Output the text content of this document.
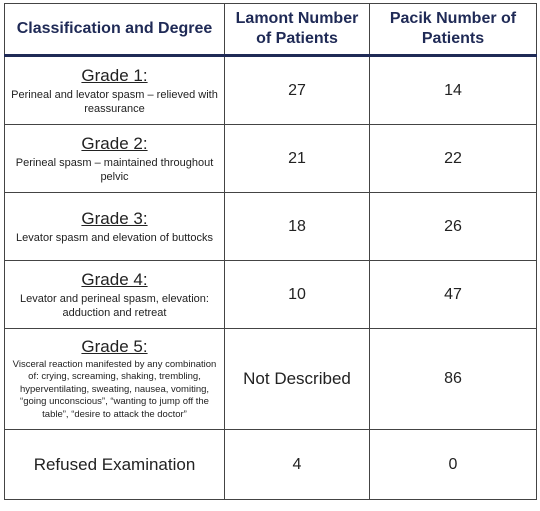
Classification and Degree	Lamont Number of Patients	Pacik Number of Patients

Grade 1:
Perineal and levator spasm – relieved with reassurance	27	14

Grade 2:
Perineal spasm – maintained throughout pelvic	21	22

Grade 3:
Levator spasm and elevation of buttocks	18	26

Grade 4:
Levator and perineal spasm, elevation: adduction and retreat	10	47

Grade 5:
Visceral reaction manifested by any combination of: crying, screaming, shaking, trembling, hyperventilating, sweating, nausea, vomiting, “going unconscious”, “wanting to jump off the table”, “desire to attack the doctor”	Not Described	86
Refused Examination	4	0
